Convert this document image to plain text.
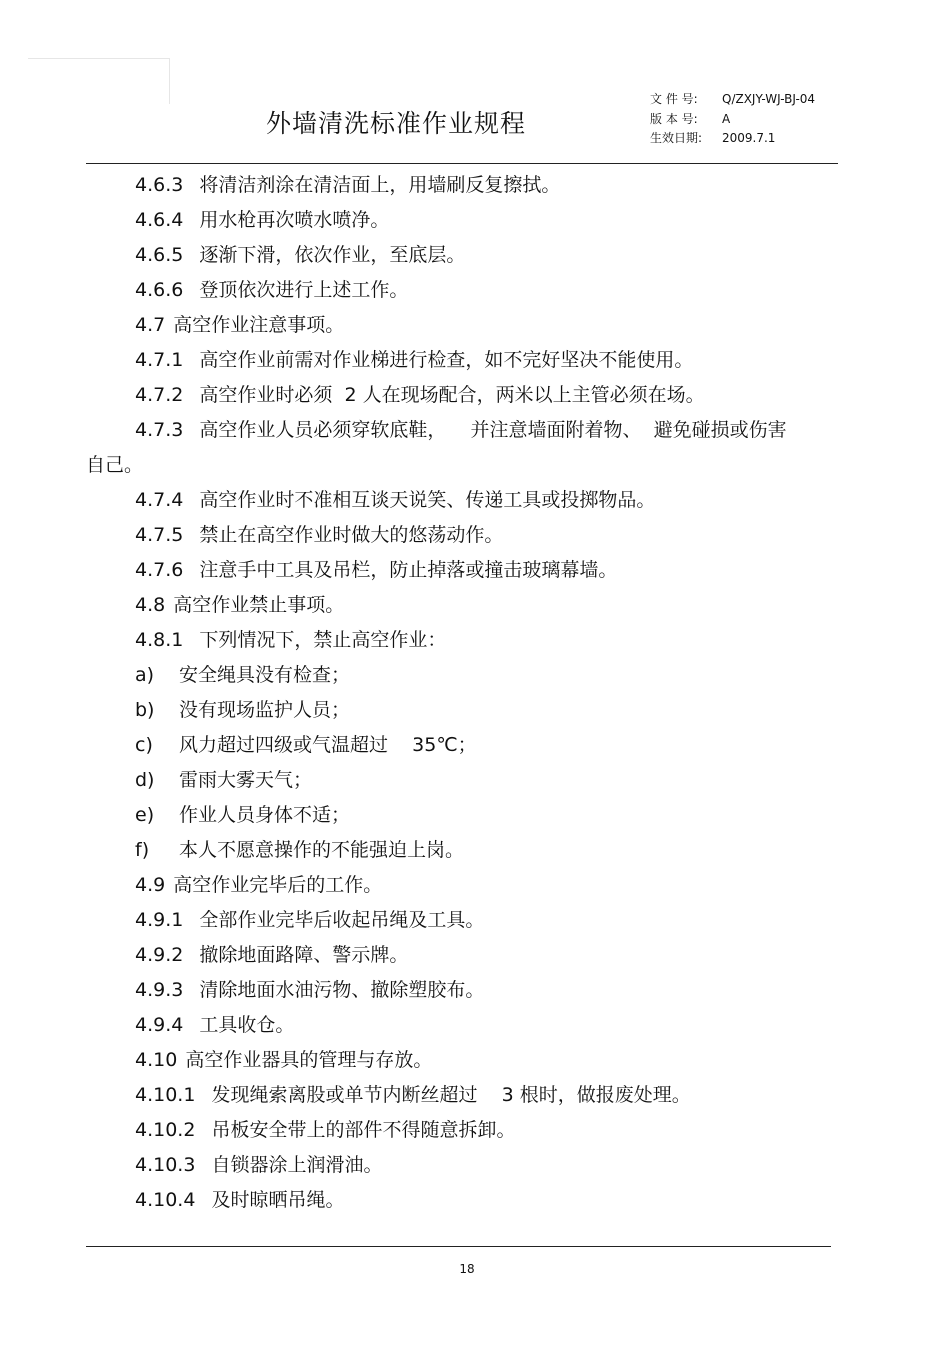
外墙清洗标准作业规程
文 件 号:	Q/ZXJY-WJ-BJ-04
版 本 号:	A
生效日期:	2009.7.1
4.6.3 将清洁剂涂在清洁面上，用墙刷反复擦拭。
4.6.4 用水枪再次喷水喷净。
4.6.5 逐渐下滑，依次作业，至底层。
4.6.6 登顶依次进行上述工作。
4.7 高空作业注意事项。
4.7.1 高空作业前需对作业梯进行检查，如不完好坚决不能使用。
4.7.2 高空作业时必须  2 人在现场配合，两米以上主管必须在场。
4.7.3 高空作业人员必须穿软底鞋，    并注意墙面附着物、  避免碰损或伤害
自己。
4.7.4 高空作业时不准相互谈天说笑、传递工具或投掷物品。
4.7.5 禁止在高空作业时做大的悠荡动作。
4.7.6 注意手中工具及吊栏，防止掉落或撞击玻璃幕墙。
4.8 高空作业禁止事项。
4.8.1 下列情况下，禁止高空作业：
a) 安全绳具没有检查；
b) 没有现场监护人员；
c) 风力超过四级或气温超过    35℃；
d) 雷雨大雾天气；
e) 作业人员身体不适；
f) 本人不愿意操作的不能强迫上岗。
4.9 高空作业完毕后的工作。
4.9.1 全部作业完毕后收起吊绳及工具。
4.9.2 撤除地面路障、警示牌。
4.9.3 清除地面水油污物、撤除塑胶布。
4.9.4 工具收仓。
4.10 高空作业器具的管理与存放。
4.10.1 发现绳索离股或单节内断丝超过    3 根时，做报废处理。
4.10.2 吊板安全带上的部件不得随意拆卸。
4.10.3 自锁器涂上润滑油。
4.10.4 及时晾晒吊绳。
18
